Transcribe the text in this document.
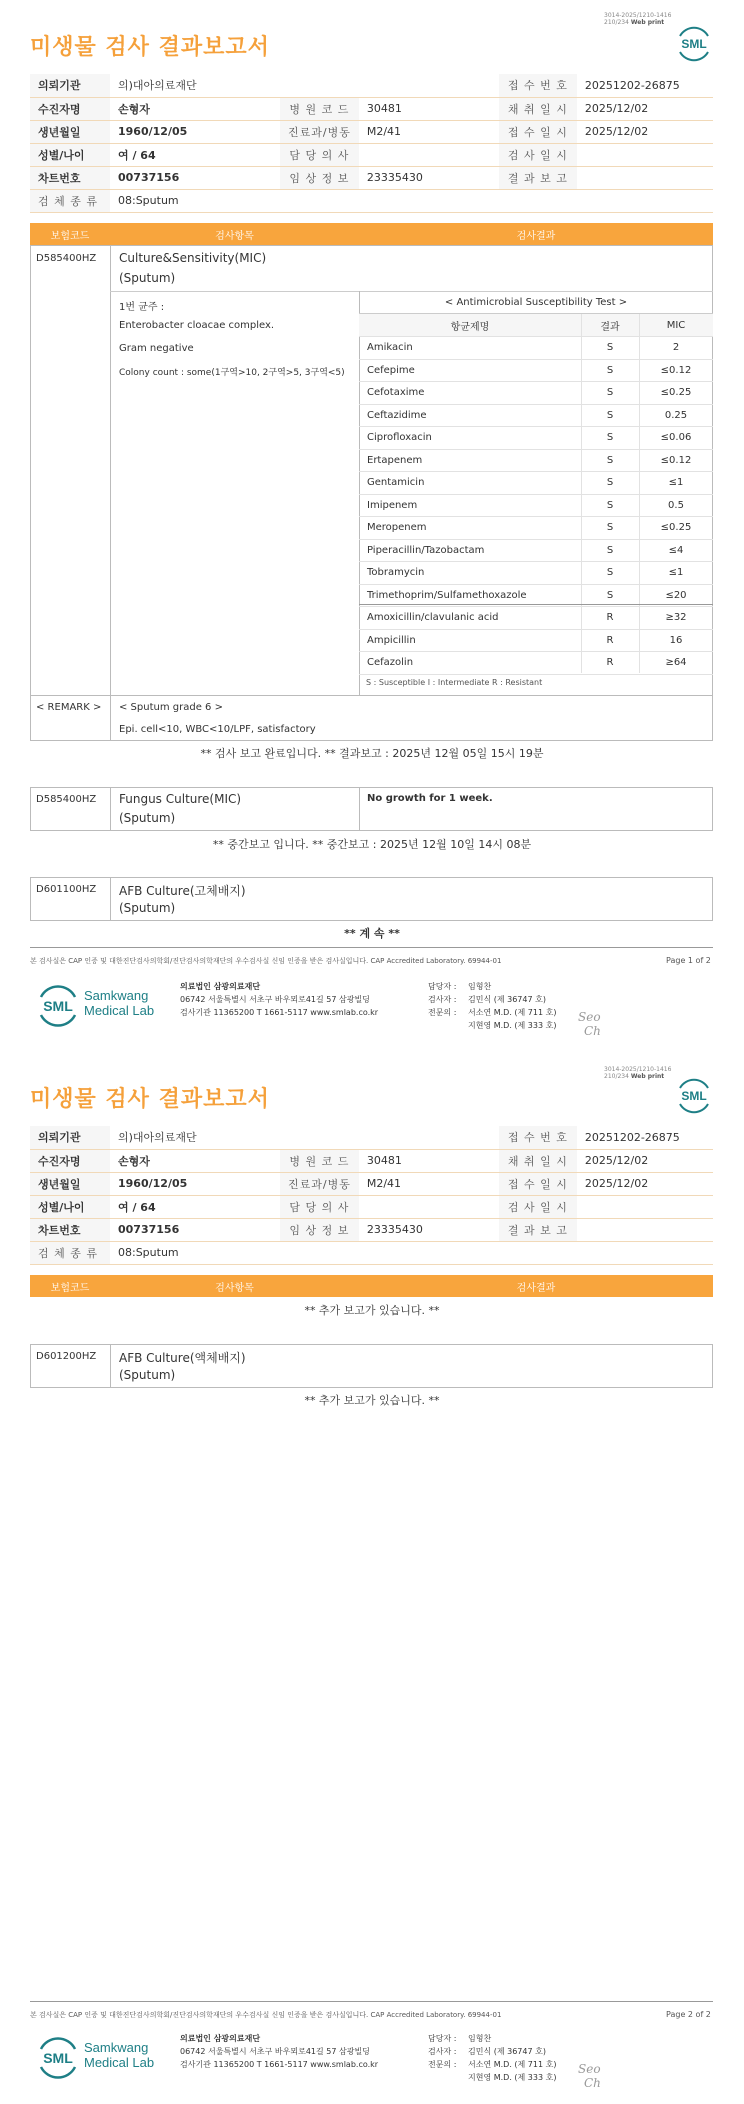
3014-2025/1210-1416
210/234 Web print
미생물 검사 결과보고서	SML
의뢰기관	의)대아의료재단			접 수 번 호	20251202-26875
수진자명	손형자	병 원 코 드	30481	채 취 일 시	2025/12/02
생년월일	1960/12/05	진료과/병동	M2/41	접 수 일 시	2025/12/02
성별/나이	여 / 64	담 당 의 사		검 사 일 시	
차트번호	00737156	임 상 정 보	23335430	결 과 보 고	
검 체 종 류	08:Sputum				
보험코드	검사항목	검사결과
D585400HZ Culture&Sensitivity(MIC)
(Sputum)
1번 균주 :
Enterobacter cloacae complex.
Gram negative
Colony count : some(1구역>10, 2구역>5, 3구역<5)
< Antimicrobial Susceptibility Test >
항균제명	결과	MIC
Amikacin	S	2
Cefepime	S	≤0.12
Cefotaxime	S	≤0.25
Ceftazidime	S	0.25
Ciprofloxacin	S	≤0.06
Ertapenem	S	≤0.12
Gentamicin	S	≤1
Imipenem	S	0.5
Meropenem	S	≤0.25
Piperacillin/Tazobactam	S	≤4
Tobramycin	S	≤1
Trimethoprim/Sulfamethoxazole	S	≤20
Amoxicillin/clavulanic acid	R	≥32
Ampicillin	R	16
Cefazolin	R	≥64
S : Susceptible I : Intermediate R : Resistant
< REMARK > < Sputum grade 6 >
Epi. cell<10, WBC<10/LPF, satisfactory
** 검사 보고 완료입니다. ** 결과보고 : 2025년 12월 05일 15시 19분
D585400HZ Fungus Culture(MIC)
(Sputum)
No growth for 1 week.
** 중간보고 입니다. ** 중간보고 : 2025년 12월 10일 14시 08분
D601100HZ AFB Culture(고체배지)
(Sputum)
** 계 속 **
본 검사실은 CAP 인증 및 대한진단검사의학회/진단검사의학재단의 우수검사실 신임 인증을 받은 검사실입니다. CAP Accredited Laboratory. 69944-01	Page 1 of 2
SML
Samkwang
Medical Lab
의료법인 삼광의료재단
06742 서울특별시 서초구 바우뫼로41길 57 삼광빌딩
검사기관 11365200 T 1661-5117 www.smlab.co.kr
담당자 : 임형찬
검사자 : 김민식 (제 36747 호)
전문의 : 서소연 M.D. (제 711 호)
지현영 M.D. (제 333 호)
Seo
Ch
3014-2025/1210-1416
210/234 Web print
미생물 검사 결과보고서	SML
의뢰기관	의)대아의료재단			접 수 번 호	20251202-26875
수진자명	손형자	병 원 코 드	30481	채 취 일 시	2025/12/02
생년월일	1960/12/05	진료과/병동	M2/41	접 수 일 시	2025/12/02
성별/나이	여 / 64	담 당 의 사		검 사 일 시	
차트번호	00737156	임 상 정 보	23335430	결 과 보 고	
검 체 종 류	08:Sputum				
보험코드	검사항목	검사결과
** 추가 보고가 있습니다. **
D601200HZ AFB Culture(액체배지)
(Sputum)
** 추가 보고가 있습니다. **
본 검사실은 CAP 인증 및 대한진단검사의학회/진단검사의학재단의 우수검사실 신임 인증을 받은 검사실입니다. CAP Accredited Laboratory. 69944-01	Page 2 of 2
SML
Samkwang
Medical Lab
의료법인 삼광의료재단
06742 서울특별시 서초구 바우뫼로41길 57 삼광빌딩
검사기관 11365200 T 1661-5117 www.smlab.co.kr
담당자 : 임형찬
검사자 : 김민식 (제 36747 호)
전문의 : 서소연 M.D. (제 711 호)
지현영 M.D. (제 333 호)
Seo
Ch
